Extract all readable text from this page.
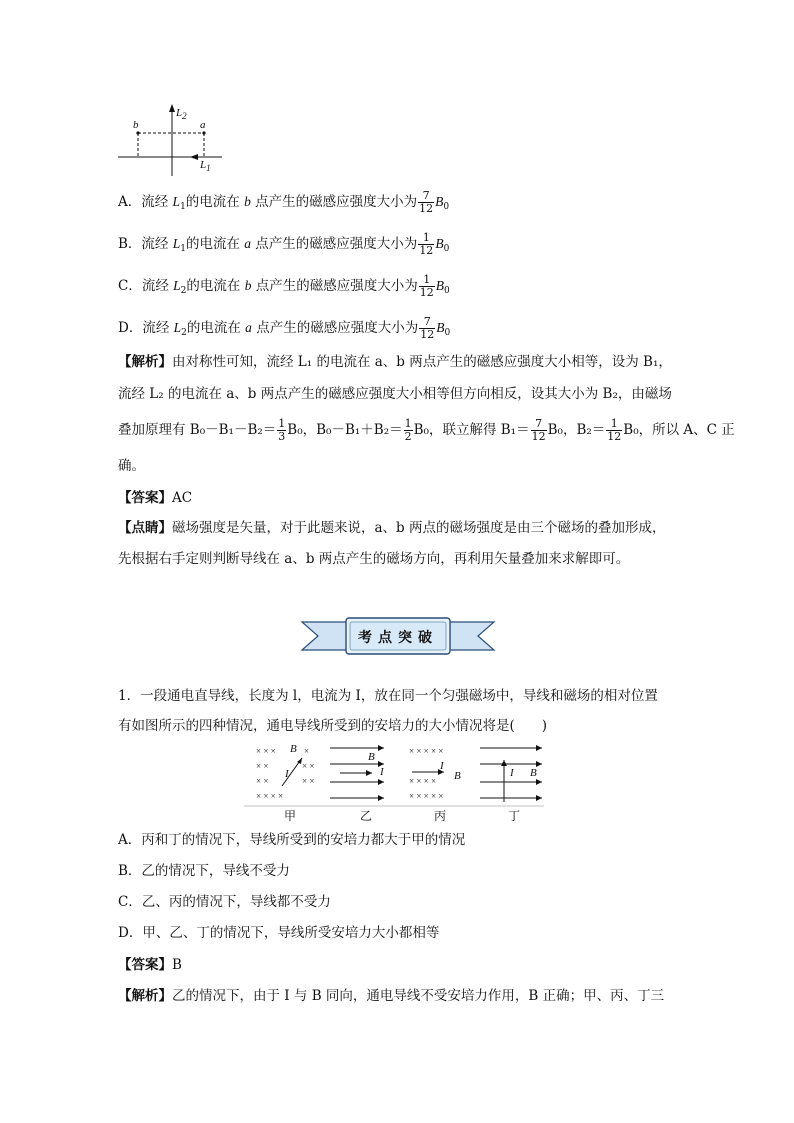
b	a
$L_2$
$L_1$
A．流经 $L_1$的电流在 b 点产生的磁感应强度大小为 $\frac{7}{12} B_0$
B．流经 $L_1$的电流在 a 点产生的磁感应强度大小为 $\frac{1}{12} B_0$
C．流经 $L_2$的电流在 b 点产生的磁感应强度大小为 $\frac{1}{12} B_0$
D．流经 $L_2$的电流在 a 点产生的磁感应强度大小为 $\frac{7}{12} B_0$
【解析】由对称性可知，流经 L₁ 的电流在 a、b 两点产生的磁感应强度大小相等，设为 B₁，
流经 L₂ 的电流在 a、b 两点产生的磁感应强度大小相等但方向相反，设其大小为 B₂，由磁场
叠加原理有 $B_0-B_1-B_2= \frac{1}{3} B_0$，$B_0-B_1+B_2= \frac{1}{2} B_0$，联立解得 $B_1= \frac{7}{12} B_0$，$B_2= \frac{1}{12} B_0$，所以 A、C 正
确。
【答案】AC
【点睛】磁场强度是矢量，对于此题来说，a、b 两点的磁场强度是由三个磁场的叠加形成，
先根据右手定则判断导线在 a、b 两点产生的磁场方向，再利用矢量叠加来求解即可。
考点突破
1．一段通电直导线，长度为 l，电流为 I，放在同一个匀强磁场中，导线和磁场的相对位置
有如图所示的四种情况，通电导线所受到的安培力的大小情况将是(　　)
× × ×
× ×
× ×
× × × ×
×
× ×
× ×
× × × × ×
× × × ×
× × × × ×
B
I
B
I	I
B	I B
甲	乙	丙	丁
A．丙和丁的情况下，导线所受到的安培力都大于甲的情况
B．乙的情况下，导线不受力
C．乙、丙的情况下，导线都不受力
D．甲、乙、丁的情况下，导线所受安培力大小都相等
【答案】B
【解析】乙的情况下，由于 I 与 B 同向，通电导线不受安培力作用，B 正确；甲、丙、丁三
